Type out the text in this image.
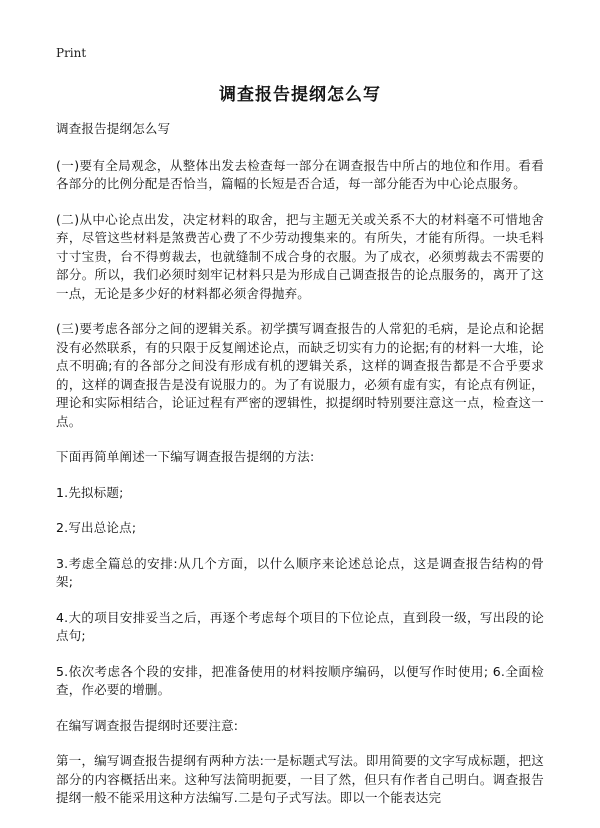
Print
调查报告提纲怎么写

调查报告提纲怎么写

(一)要有全局观念，从整体出发去检查每一部分在调查报告中所占的地位和作用。看看各部分的比例分配是否恰当，篇幅的长短是否合适，每一部分能否为中心论点服务。

(二)从中心论点出发，决定材料的取舍，把与主题无关或关系不大的材料毫不可惜地舍弃，尽管这些材料是煞费苦心费了不少劳动搜集来的。有所失，才能有所得。一块毛料寸寸宝贵，台不得剪裁去，也就缝制不成合身的衣服。为了成衣，必须剪裁去不需要的部分。所以，我们必须时刻牢记材料只是为形成自己调查报告的论点服务的，离开了这一点，无论是多少好的材料都必须舍得抛弃。

(三)要考虑各部分之间的逻辑关系。初学撰写调查报告的人常犯的毛病，是论点和论据没有必然联系，有的只限于反复阐述论点，而缺乏切实有力的论据;有的材料一大堆，论点不明确;有的各部分之间没有形成有机的逻辑关系，这样的调查报告都是不合乎要求的，这样的调查报告是没有说服力的。为了有说服力，必须有虚有实，有论点有例证，理论和实际相结合，论证过程有严密的逻辑性，拟提纲时特别要注意这一点，检查这一点。

下面再简单阐述一下编写调查报告提纲的方法:

1.先拟标题;

2.写出总论点;

3.考虑全篇总的安排:从几个方面，以什么顺序来论述总论点，这是调查报告结构的骨架;

4.大的项目安排妥当之后，再逐个考虑每个项目的下位论点，直到段一级，写出段的论点句;

5.依次考虑各个段的安排，把准备使用的材料按顺序编码，以便写作时使用; 6.全面检查，作必要的增删。

在编写调查报告提纲时还要注意:

第一，编写调查报告提纲有两种方法:一是标题式写法。即用简要的文字写成标题，把这部分的内容概括出来。这种写法简明扼要，一目了然，但只有作者自己明白。调查报告提纲一般不能采用这种方法编写.二是句子式写法。即以一个能表达完
